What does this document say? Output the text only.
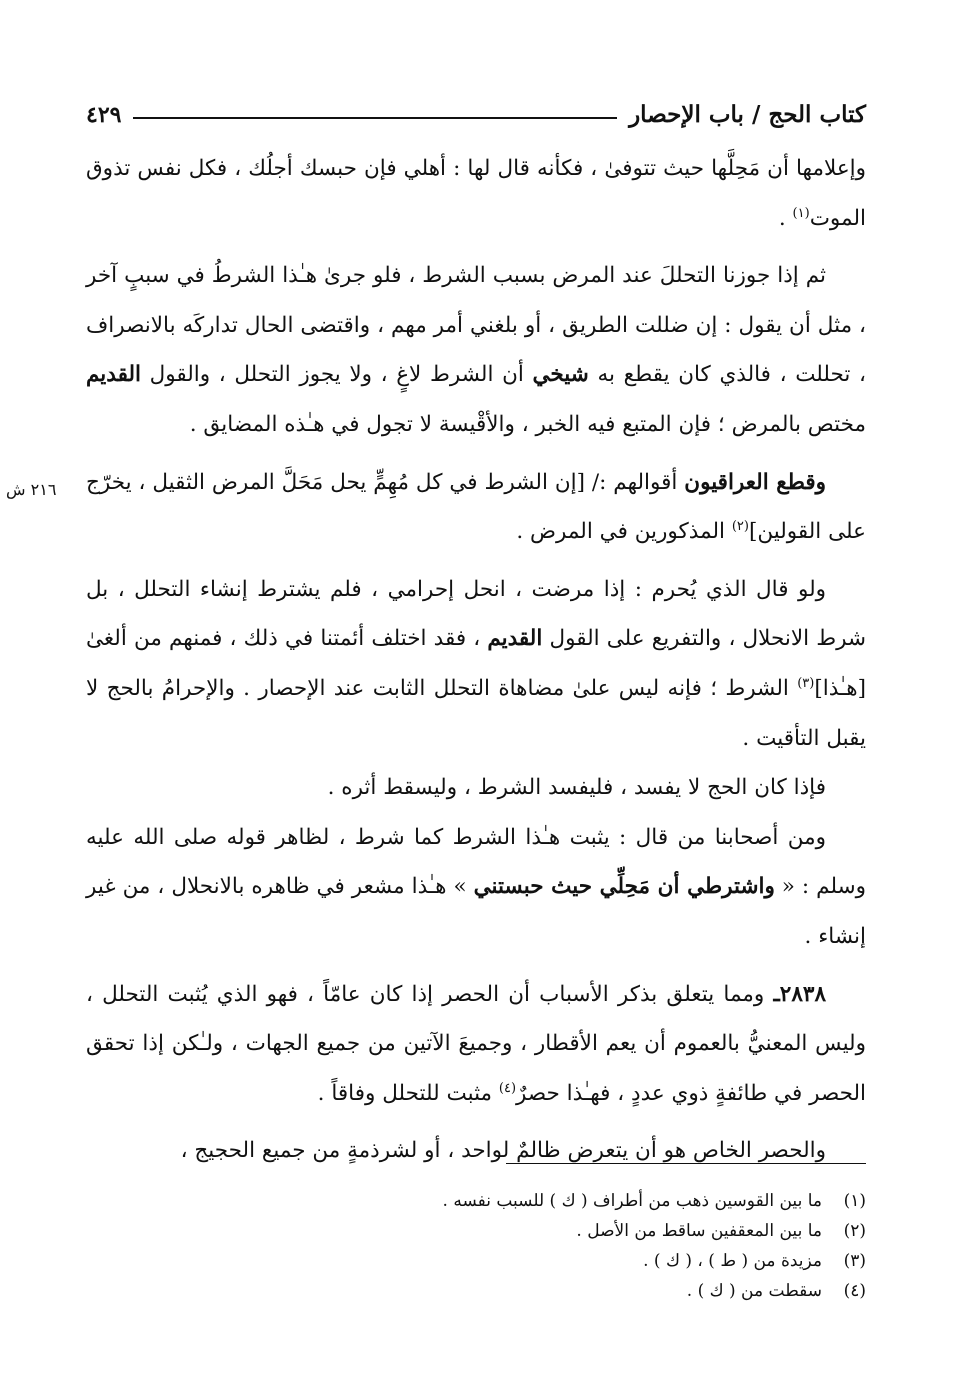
كتاب الحج / باب الإحصار
٤٢٩
٢١٦ ش

وإعلامها أن مَحِلَّها حيث تتوفىٰ ، فكأنه قال لها : أهلي فإن حبسك أجلُك ، فكل نفس تذوق الموت$^{(١)}$ .

ثم إذا جوزنا التحللَ عند المرض بسبب الشرط ، فلو جرىٰ هـٰذا الشرطُ في سببٍ آخر ، مثل أن يقول : إن ضللت الطريق ، أو بلغني أمر مهم ، واقتضى الحال تداركَه بالانصراف ، تحللت ، فالذي كان يقطع به شيخي أن الشرط لاغٍ ، ولا يجوز التحلل ، والقول القديم مختص بالمرض ؛ فإن المتبع فيه الخبر ، والأقْيسة لا تجول في هـٰذه المضايق .

وقطع العراقيون أقوالهم :/ [إن الشرط في كل مُهِمٍّ يحل مَحَلَّ المرض الثقيل ، يخرّج على القولين]$^{(٢)}$ المذكورين في المرض .

ولو قال الذي يُحرم : إذا مرضت ، انحل إحرامي ، فلم يشترط إنشاء التحلل ، بل شرط الانحلال ، والتفريع على القول القديم ، فقد اختلف أئمتنا في ذلك ، فمنهم من ألغىٰ [هـٰذا]$^{(٣)}$ الشرط ؛ فإنه ليس علىٰ مضاهاة التحلل الثابت عند الإحصار . والإحرامُ بالحج لا يقبل التأقيت .

فإذا كان الحج لا يفسد ، فليفسد الشرط ، وليسقط أثره .

ومن أصحابنا من قال : يثبت هـٰذا الشرط كما شرط ، لظاهر قوله صلى الله عليه وسلم : « واشترطي أن مَحِلِّي حيث حبستني » هـٰذا مشعر في ظاهره بالانحلال ، من غير إنشاء .

٢٨٣٨ـ ومما يتعلق بذكر الأسباب أن الحصر إذا كان عامّاً ، فهو الذي يُثبت التحلل ، وليس المعنيُّ بالعموم أن يعم الأقطار ، وجميعَ الآتين من جميع الجهات ، ولـٰكن إذا تحقق الحصر في طائفةٍ ذوي عددٍ ، فهـٰذا حصرٌ$^{(٤)}$ مثبت للتحلل وفاقاً .

والحصر الخاص هو أن يتعرض ظالمٌ لواحد ، أو لشرذمةٍ من جميع الحجيج ،

(١)ما بين القوسين ذهب من أطراف ( ك ) للسبب نفسه .
(٢)ما بين المعقفين ساقط من الأصل .
(٣)مزيدة من ( ط ) ، ( ك ) .
(٤)سقطت من ( ك ) .
